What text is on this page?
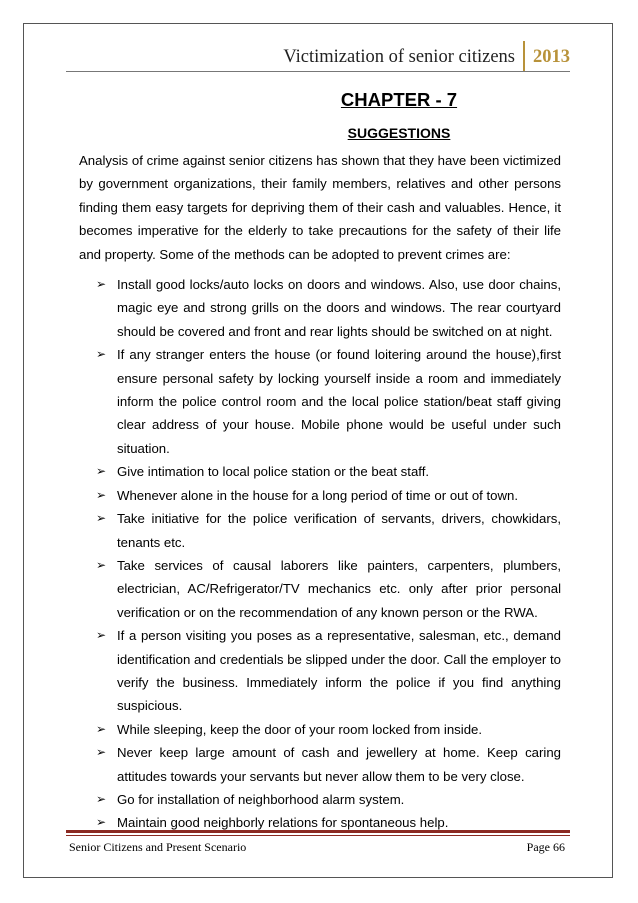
Victimization of senior citizens 2013
CHAPTER - 7
SUGGESTIONS

Analysis of crime against senior citizens has shown that they have been victimized by government organizations, their family members, relatives and other persons finding them easy targets for depriving them of their cash and valuables. Hence, it becomes imperative for the elderly to take precautions for the safety of their life and property. Some of the methods can be adopted to prevent crimes are:

➢ Install good locks/auto locks on doors and windows. Also, use door chains, magic eye and strong grills on the doors and windows. The rear courtyard should be covered and front and rear lights should be switched on at night.
➢ If any stranger enters the house (or found loitering around the house),first ensure personal safety by locking yourself inside a room and immediately inform the police control room and the local police station/beat staff giving clear address of your house. Mobile phone would be useful under such situation.
➢ Give intimation to local police station or the beat staff.
➢ Whenever alone in the house for a long period of time or out of town.
➢ Take initiative for the police verification of servants, drivers, chowkidars, tenants etc.
➢ Take services of causal laborers like painters, carpenters, plumbers, electrician, AC/Refrigerator/TV mechanics etc. only after prior personal verification or on the recommendation of any known person or the RWA.
➢ If a person visiting you poses as a representative, salesman, etc., demand identification and credentials be slipped under the door. Call the employer to verify the business. Immediately inform the police if you find anything suspicious.
➢ While sleeping, keep the door of your room locked from inside.
➢ Never keep large amount of cash and jewellery at home. Keep caring attitudes towards your servants but never allow them to be very close.
➢ Go for installation of neighborhood alarm system.
➢ Maintain good neighborly relations for spontaneous help.
Senior Citizens and Present Scenario	Page 66
